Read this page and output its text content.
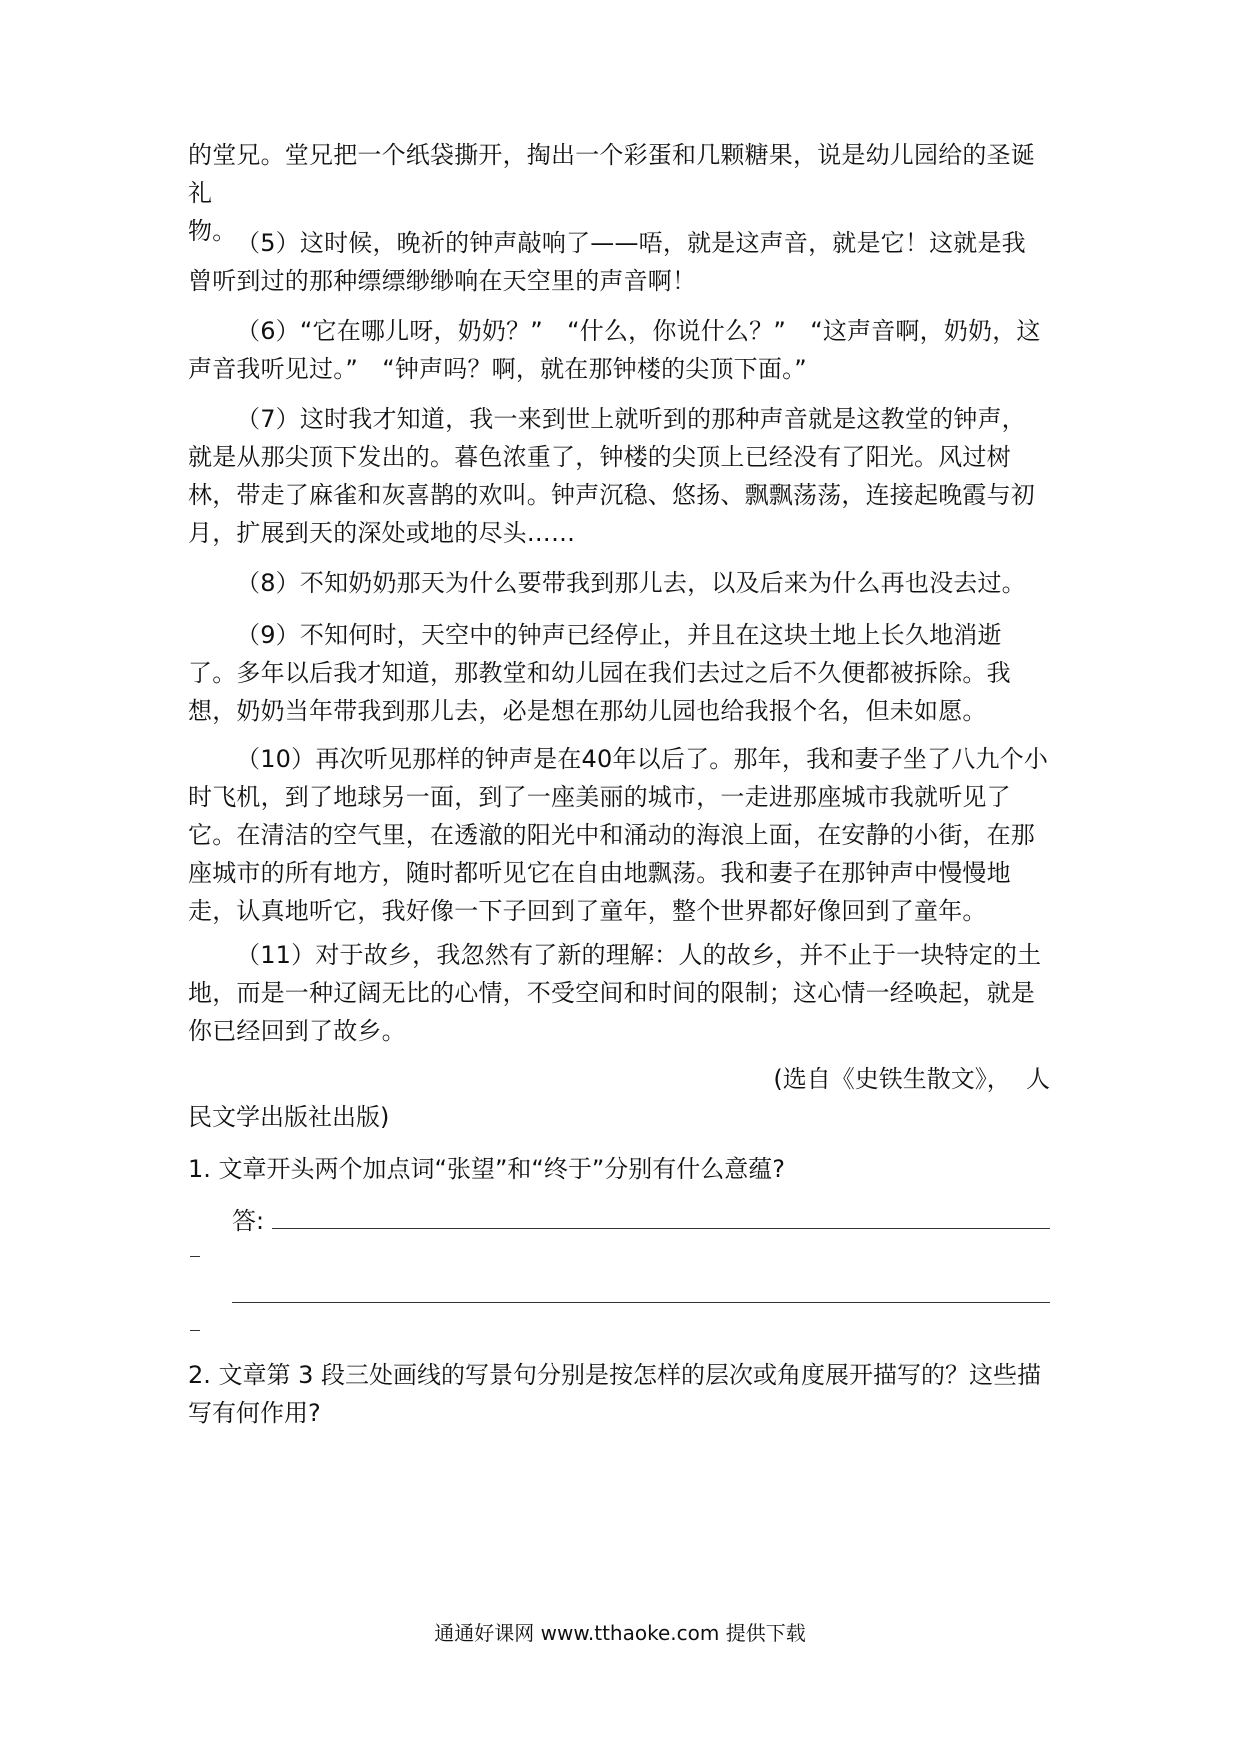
的堂兄。堂兄把一个纸袋撕开，掏出一个彩蛋和几颗糖果，说是幼儿园给的圣诞礼

物。 （5）这时候，晚祈的钟声敲响了——唔，就是这声音，就是它！这就是我曾听到过的那种缥缥缈缈响在天空里的声音啊！

（6）“它在哪儿呀，奶奶？”　“什么，你说什么？”　“这声音啊，奶奶，这声音我听见过。”　“钟声吗？啊，就在那钟楼的尖顶下面。”

（7）这时我才知道，我一来到世上就听到的那种声音就是这教堂的钟声，就是从那尖顶下发出的。暮色浓重了，钟楼的尖顶上已经没有了阳光。风过树林，带走了麻雀和灰喜鹊的欢叫。钟声沉稳、悠扬、飘飘荡荡，连接起晚霞与初月，扩展到天的深处或地的尽头……

（8）不知奶奶那天为什么要带我到那儿去，以及后来为什么再也没去过。

（9）不知何时，天空中的钟声已经停止，并且在这块土地上长久地消逝了。多年以后我才知道，那教堂和幼儿园在我们去过之后不久便都被拆除。我想，奶奶当年带我到那儿去，必是想在那幼儿园也给我报个名，但未如愿。

（10）再次听见那样的钟声是在40年以后了。那年，我和妻子坐了八九个小时飞机，到了地球另一面，到了一座美丽的城市，一走进那座城市我就听见了它。在清洁的空气里，在透澈的阳光中和涌动的海浪上面，在安静的小街，在那座城市的所有地方，随时都听见它在自由地飘荡。我和妻子在那钟声中慢慢地走，认真地听它，我好像一下子回到了童年，整个世界都好像回到了童年。

（11）对于故乡，我忽然有了新的理解：人的故乡，并不止于一块特定的土地，而是一种辽阔无比的心情，不受空间和时间的限制；这心情一经唤起，就是你已经回到了故乡。

(选自《史铁生散文》，  人
民文学出版社出版)
1. 文章开头两个加点词“张望”和“终于”分别有什么意蕴?
答:
2. 文章第 3 段三处画线的写景句分别是按怎样的层次或角度展开描写的？这些描写有何作用?
通通好课网 www.tthaoke.com 提供下载
